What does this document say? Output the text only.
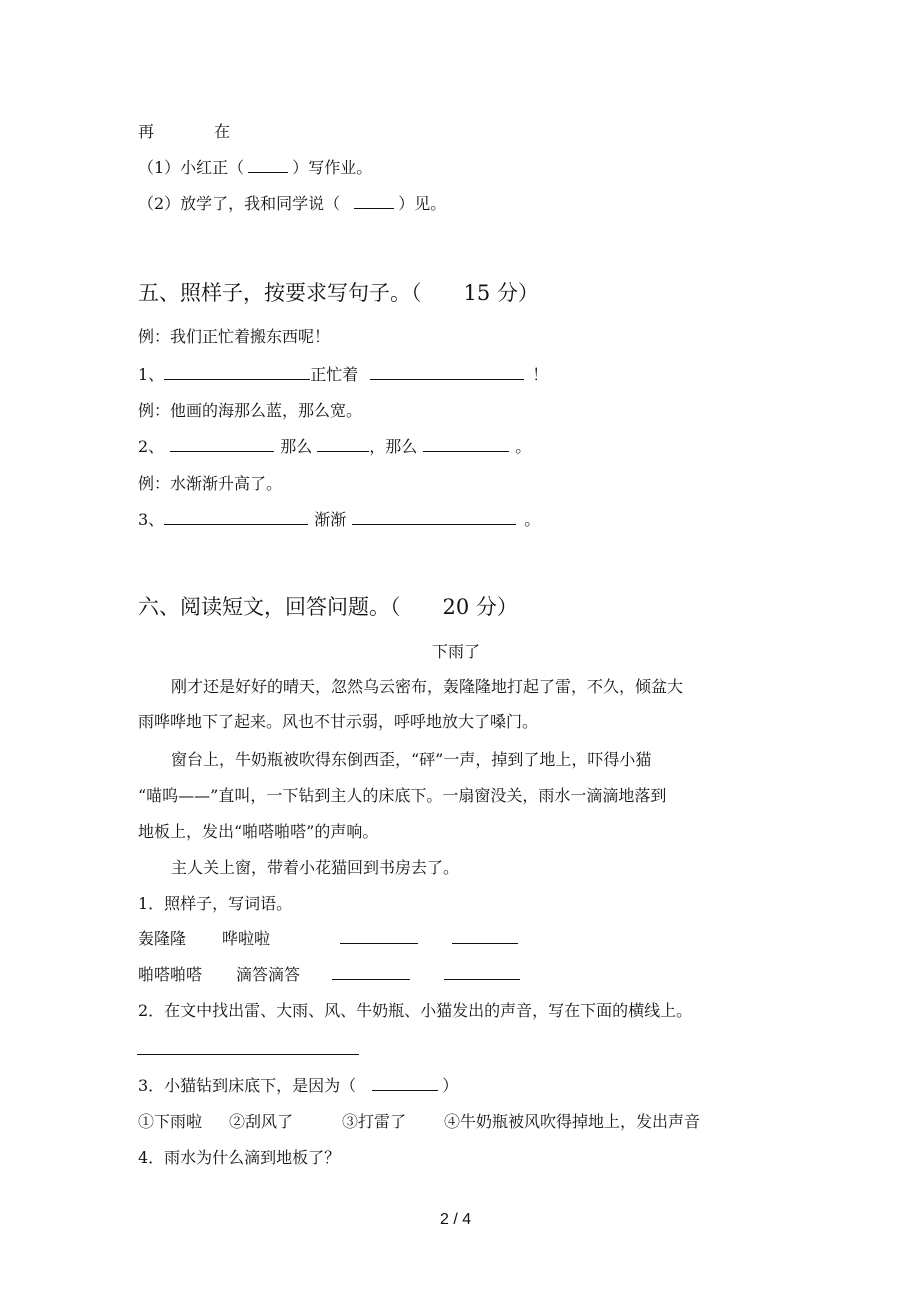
再	在
（1）小红正（	）写作业。
（2）放学了，我和同学说（	）见。
五、照样子，按要求写句子。（　　15 分）
例：我们正忙着搬东西呢！
1、	正忙着	！
例：他画的海那么蓝，那么宽。
2、	那么	，那么	。
例：水渐渐升高了。
3、	渐渐	。
六、阅读短文，回答问题。（　　20 分）
下雨了
刚才还是好好的晴天，忽然乌云密布，轰隆隆地打起了雷，不久，倾盆大
雨哗哗地下了起来。风也不甘示弱，呼呼地放大了嗓门。
窗台上，牛奶瓶被吹得东倒西歪，“砰”一声，掉到了地上，吓得小猫
“喵呜——”直叫，一下钻到主人的床底下。一扇窗没关，雨水一滴滴地落到
地板上，发出“啪嗒啪嗒”的声响。
主人关上窗，带着小花猫回到书房去了。
1．照样子，写词语。
轰隆隆 哗啦啦
啪嗒啪嗒 滴答滴答
2．在文中找出雷、大雨、风、牛奶瓶、小猫发出的声音，写在下面的横线上。
3．小猫钻到床底下，是因为（	）
①下雨啦 ②刮风了	③打雷了 ④牛奶瓶被风吹得掉地上，发出声音
4．雨水为什么滴到地板了？
2 / 4
